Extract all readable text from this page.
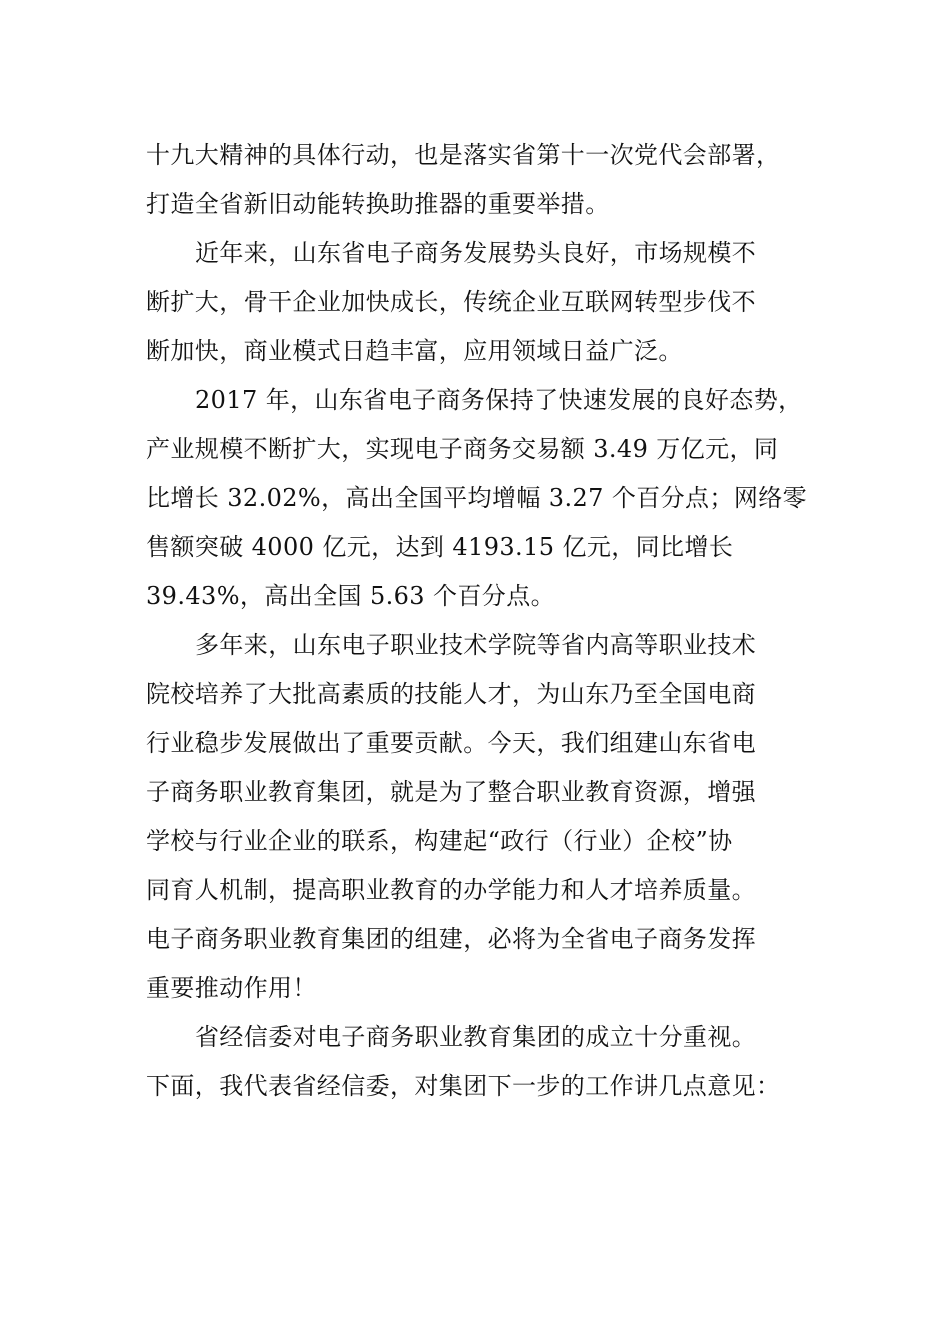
十九大精神的具体行动，也是落实省第十一次党代会部署，
打造全省新旧动能转换助推器的重要举措。
近年来，山东省电子商务发展势头良好，市场规模不
断扩大，骨干企业加快成长，传统企业互联网转型步伐不
断加快，商业模式日趋丰富，应用领域日益广泛。
2017 年，山东省电子商务保持了快速发展的良好态势，
产业规模不断扩大，实现电子商务交易额 3.49 万亿元，同
比增长 32.02%，高出全国平均增幅 3.27 个百分点；网络零
售额突破 4000 亿元，达到 4193.15 亿元，同比增长
39.43%，高出全国 5.63 个百分点。
多年来，山东电子职业技术学院等省内高等职业技术
院校培养了大批高素质的技能人才，为山东乃至全国电商
行业稳步发展做出了重要贡献。今天，我们组建山东省电
子商务职业教育集团，就是为了整合职业教育资源，增强
学校与行业企业的联系，构建起“政行（行业）企校”协
同育人机制，提高职业教育的办学能力和人才培养质量。
电子商务职业教育集团的组建，必将为全省电子商务发挥
重要推动作用！
省经信委对电子商务职业教育集团的成立十分重视。
下面，我代表省经信委，对集团下一步的工作讲几点意见：
